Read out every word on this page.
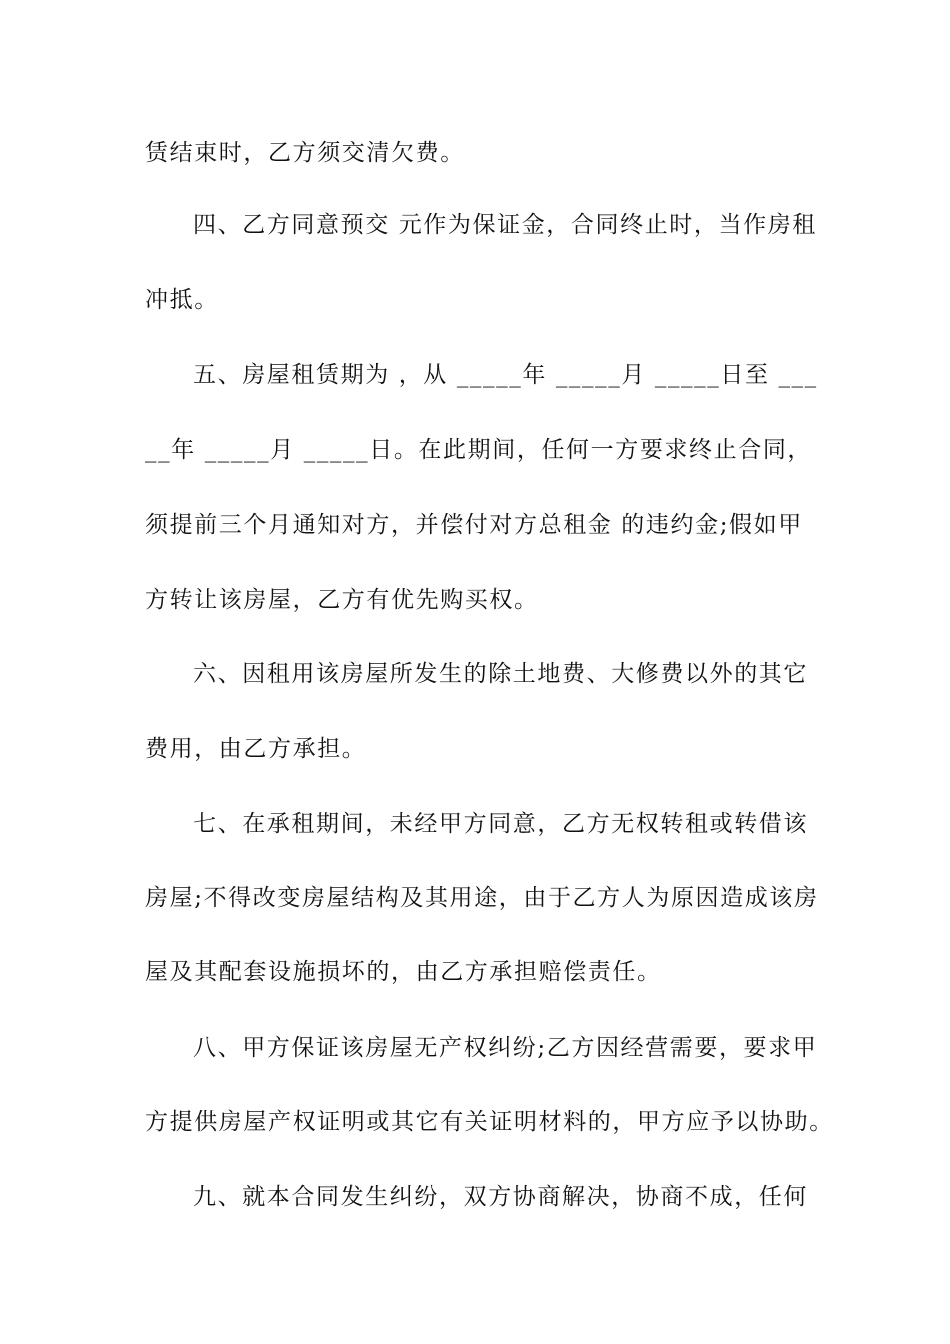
赁结束时，乙方须交清欠费。
四、乙方同意预交 元作为保证金，合同终止时，当作房租
冲抵。
五、房屋租赁期为 ，从 _____年 _____月 _____日至 ___
__年 _____月 _____日。在此期间，任何一方要求终止合同，
须提前三个月通知对方，并偿付对方总租金 的违约金;假如甲
方转让该房屋，乙方有优先购买权。
六、因租用该房屋所发生的除土地费、大修费以外的其它
费用，由乙方承担。
七、在承租期间，未经甲方同意，乙方无权转租或转借该
房屋;不得改变房屋结构及其用途，由于乙方人为原因造成该房
屋及其配套设施损坏的，由乙方承担赔偿责任。
八、甲方保证该房屋无产权纠纷;乙方因经营需要，要求甲
方提供房屋产权证明或其它有关证明材料的，甲方应予以协助。
九、就本合同发生纠纷，双方协商解决，协商不成，任何
